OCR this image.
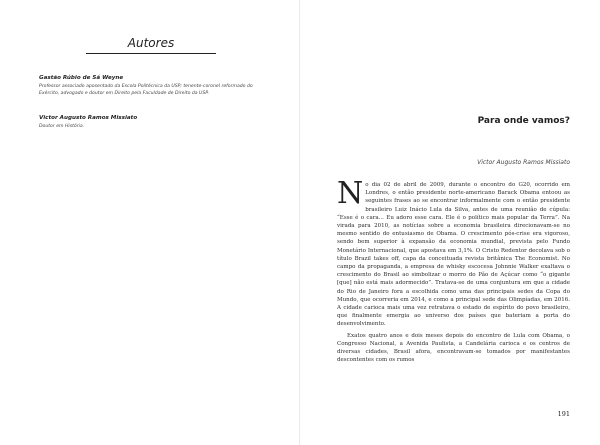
Autores

Gastão Rúbio de Sá Weyne

Professor associado aposentado da Escola Politécnica da USP; tenente-coronel reformado do Exército, advogado e doutor em Direito pela Faculdade de Direito da USP.

Victor Augusto Ramos Missiato

Doutor em História.

Para onde vamos?
Victor Augusto Ramos Missiato

No dia 02 de abril de 2009, durante o encontro do G20, ocorrido em Londres, o então presidente norte-americano Barack Obama entoou as seguintes frases ao se encontrar informalmente com o então presidente brasileiro Luiz Inácio Lula da Silva, antes de uma reunião de cúpula: “Esse é o cara... Eu adoro esse cara. Ele é o político mais popular da Terra”. Na virada para 2010, as notícias sobre a economia brasileira direcionavam-se no mesmo sentido do entusiasmo de Obama. O crescimento pós-crise era vigoroso, sendo bem superior à expansão da economia mundial, prevista pelo Fundo Monetário Internacional, que apostava em 3,1%. O Cristo Redentor decolava sob o título Brazil takes off, capa da conceituada revista britânica The Economist. No campo da propaganda, a empresa de whisky escocesa Johnnie Walker exaltava o crescimento do Brasil ao simbolizar o morro do Pão de Açúcar como “o gigante [que] não está mais adormecido”. Tratava-se de uma conjuntura em que a cidade do Rio de Janeiro fora a escolhida como uma das principais sedes da Copa do Mundo, que ocorreria em 2014, e como a principal sede das Olimpíadas, em 2016. A cidade carioca mais uma vez retratava o estado de espírito do povo brasileiro, que finalmente emergia ao universo dos países que bateriam a porta do desenvolvimento.

Exatos quatro anos e dois meses depois do encontro de Lula com Obama, o Congresso Nacional, a Avenida Paulista, a Candelária carioca e os centros de diversas cidades, Brasil afora, encontravam-se tomados por manifestantes descontentes com os rumos

191
